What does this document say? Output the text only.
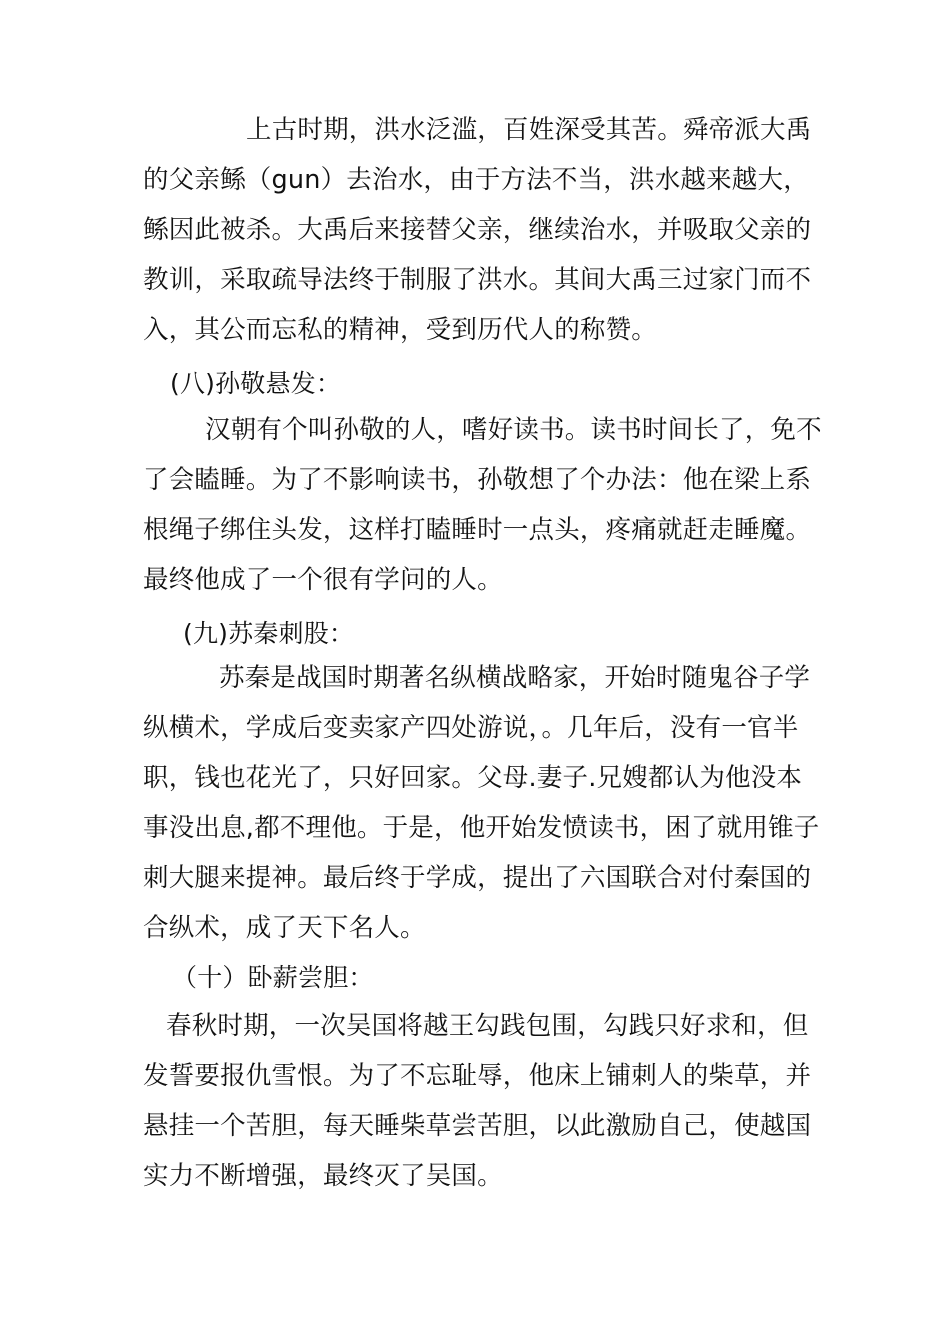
上古时期，洪水泛滥，百姓深受其苦。舜帝派大禹
的父亲鲧（gun）去治水，由于方法不当，洪水越来越大，
鲧因此被杀。大禹后来接替父亲，继续治水，并吸取父亲的
教训，采取疏导法终于制服了洪水。其间大禹三过家门而不
入，其公而忘私的精神，受到历代人的称赞。
(八)孙敬悬发：
汉朝有个叫孙敬的人，嗜好读书。读书时间长了，免不
了会瞌睡。为了不影响读书，孙敬想了个办法：他在梁上系
根绳子绑住头发，这样打瞌睡时一点头，疼痛就赶走睡魔。
最终他成了一个很有学问的人。
(九)苏秦刺股：
苏秦是战国时期著名纵横战略家，开始时随鬼谷子学
纵横术，学成后变卖家产四处游说，。几年后，没有一官半
职，钱也花光了，只好回家。父母.妻子.兄嫂都认为他没本
事没出息,都不理他。于是，他开始发愤读书，困了就用锥子
刺大腿来提神。最后终于学成，提出了六国联合对付秦国的
合纵术，成了天下名人。
（十）卧薪尝胆：
春秋时期，一次吴国将越王勾践包围，勾践只好求和，但
发誓要报仇雪恨。为了不忘耻辱，他床上铺刺人的柴草，并
悬挂一个苦胆，每天睡柴草尝苦胆，以此激励自己，使越国
实力不断增强，最终灭了吴国。
